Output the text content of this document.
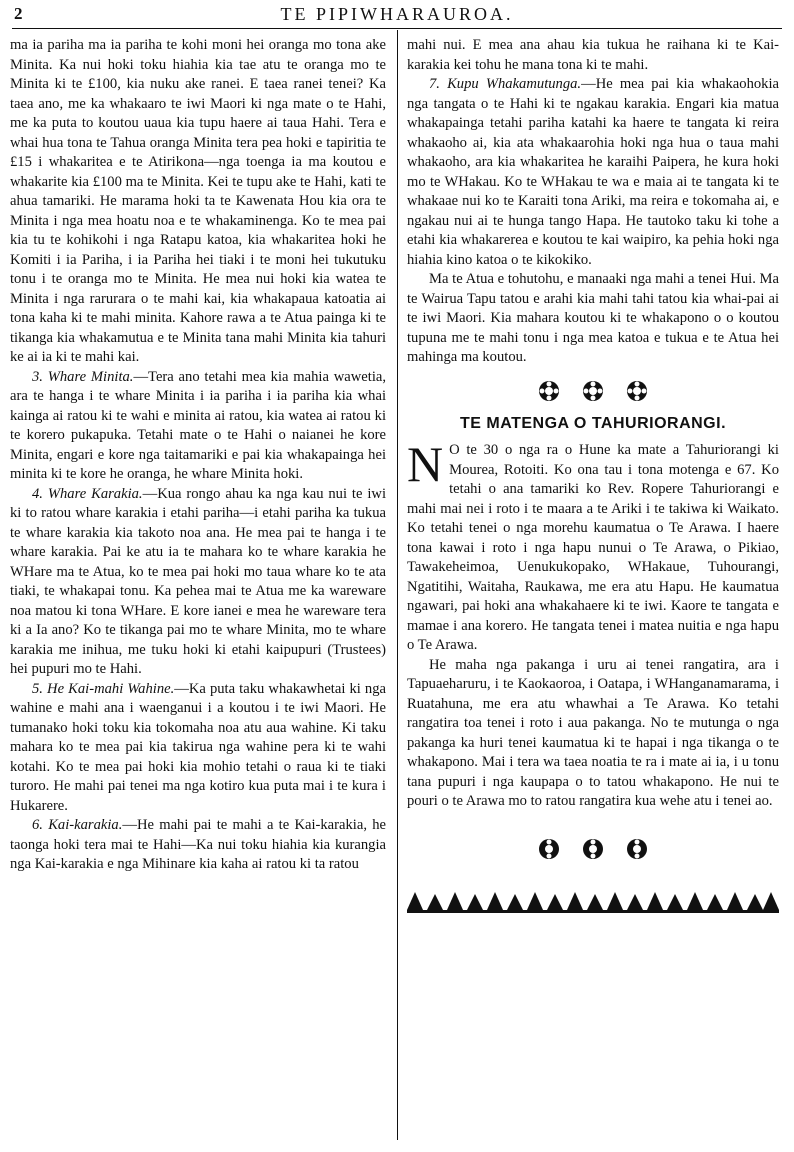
2	TE PIPIWHARAUROA.

ma ia pariha ma ia pariha te kohi moni hei oranga mo tona ake Minita. Ka nui hoki toku hiahia kia tae atu te oranga mo te Minita ki te £100, kia nuku ake ranei. E taea ranei tenei? Ka taea ano, me ka whakaaro te iwi Maori ki nga mate o te Hahi, me ka puta to koutou uaua kia tupu haere ai taua Hahi. Tera e whai hua tona te Tahua oranga Minita tera pea hoki e tapiritia te £15 i whakaritea e te Atirikona—nga toenga ia ma koutou e whakarite kia £100 ma te Minita. Kei te tupu ake te Hahi, kati te ahua tamariki. He marama hoki ta te Kawenata Hou kia ora te Minita i nga mea hoatu noa e te whakaminenga. Ko te mea pai kia tu te kohikohi i nga Ratapu katoa, kia whakaritea hoki he Komiti i ia Pariha, i ia Pariha hei tiaki i te moni hei tukutuku tonu i te oranga mo te Minita. He mea nui hoki kia watea te Minita i nga rarurara o te mahi kai, kia whakapaua katoatia ai tona kaha ki te mahi minita. Kahore rawa a te Atua painga ki te tikanga kia whakamutua e te Minita tana mahi Minita kia tahuri ke ai ia ki te mahi kai.

3. Whare Minita.—Tera ano tetahi mea kia mahia wawetia, ara te hanga i te whare Minita i ia pariha i ia pariha kia whai kainga ai ratou ki te wahi e minita ai ratou, kia watea ai ratou ki te korero pukapuka. Tetahi mate o te Hahi o naianei he kore Minita, engari e kore nga taitamariki e pai kia whakapainga hei minita ki te kore he oranga, he whare Minita hoki.

4. Whare Karakia.—Kua rongo ahau ka nga kau nui te iwi ki to ratou whare karakia i etahi pariha—i etahi pariha ka tukua te whare karakia kia takoto noa ana. He mea pai te hanga i te whare karakia. Pai ke atu ia te mahara ko te whare karakia he WHare ma te Atua, ko te mea pai hoki mo taua whare ko te ata tiaki, te whakapai tonu. Ka pehea mai te Atua me ka wareware noa matou ki tona WHare. E kore ianei e mea he wareware tera ki a Ia ano? Ko te tikanga pai mo te whare Minita, mo te whare karakia me inihua, me tuku hoki ki etahi kaipupuri (Trustees) hei pupuri mo te Hahi.

5. He Kai-mahi Wahine.—Ka puta taku whakawhetai ki nga wahine e mahi ana i waenganui i a koutou i te iwi Maori. He tumanako hoki toku kia tokomaha noa atu aua wahine. Ki taku mahara ko te mea pai kia takirua nga wahine pera ki te wahi kotahi. Ko te mea pai hoki kia mohio tetahi o raua ki te tiaki turoro. He mahi pai tenei ma nga kotiro kua puta mai i te kura i Hukarere.

6. Kai-karakia.—He mahi pai te mahi a te Kai-karakia, he taonga hoki tera mai te Hahi—Ka nui toku hiahia kia kurangia nga Kai-karakia e nga Mihinare kia kaha ai ratou ki ta ratou

mahi nui. E mea ana ahau kia tukua he raihana ki te Kai-karakia kei tohu he mana tona ki te mahi.

7. Kupu Whakamutunga.—He mea pai kia whakaohokia nga tangata o te Hahi ki te ngakau karakia. Engari kia matua whakapainga tetahi pariha katahi ka haere te tangata ki reira whakaoho ai, kia ata whakaarohia hoki nga hua o taua mahi whakaoho, ara kia whakaritea he karaihi Paipera, he kura hoki mo te WHakau. Ko te WHakau te wa e maia ai te tangata ki te whakaae nui ko te Karaiti tona Ariki, ma reira e tokomaha ai, e ngakau nui ai te hunga tango Hapa. He tautoko taku ki tohe a etahi kia whakarerea e koutou te kai waipiro, ka pehia hoki nga hiahia kino katoa o te kikokiko.

Ma te Atua e tohutohu, e manaaki nga mahi a tenei Hui. Ma te Wairua Tapu tatou e arahi kia mahi tahi tatou kia whai-pai ai te iwi Maori. Kia mahara koutou ki te whakapono o o koutou tupuna me te mahi tonu i nga mea katoa e tukua e te Atua hei mahinga ma koutou.

TE MATENGA O TAHURIORANGI.

N O te 30 o nga ra o Hune ka mate a Tahuriorangi ki Mourea, Rotoiti. Ko ona tau i tona motenga e 67. Ko tetahi o ana tamariki ko Rev. Ropere Tahuriorangi e mahi mai nei i roto i te maara a te Ariki i te takiwa ki Waikato. Ko tetahi tenei o nga morehu kaumatua o Te Arawa. I haere tona kawai i roto i nga hapu nunui o Te Arawa, o Pikiao, Tawakeheimoa, Uenukukopako, WHakaue, Tuhourangi, Ngatitihi, Waitaha, Raukawa, me era atu Hapu. He kaumatua ngawari, pai hoki ana whakahaere ki te iwi. Kaore te tangata e mamae i ana korero. He tangata tenei i matea nuitia e nga hapu o Te Arawa.

He maha nga pakanga i uru ai tenei rangatira, ara i Tapuaeharuru, i te Kaokaoroa, i Oatapa, i WHanganamarama, i Ruatahuna, me era atu whawhai a Te Arawa. Ko tetahi rangatira toa tenei i roto i aua pakanga. No te mutunga o nga pakanga ka huri tenei kaumatua ki te hapai i nga tikanga o te whakapono. Mai i tera wa taea noatia te ra i mate ai ia, i u tonu tana pupuri i nga kaupapa o to tatou whakapono. He nui te pouri o te Arawa mo to ratou rangatira kua wehe atu i tenei ao.
